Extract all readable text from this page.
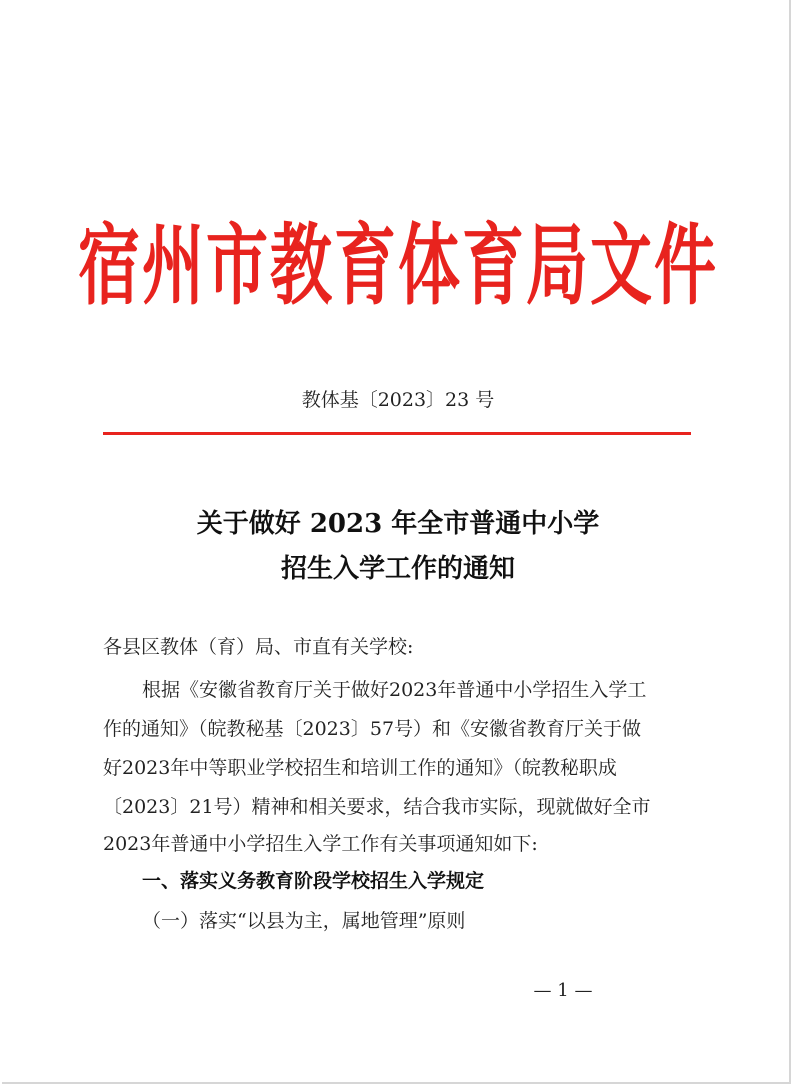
宿州市教育体育局文件
教体基〔2023〕23 号
关于做好 2023 年全市普通中小学
招生入学工作的通知
各县区教体（育）局、市直有关学校:
根据《安徽省教育厅关于做好2023年普通中小学招生入学工
作的通知》（皖教秘基〔2023〕57号）和《安徽省教育厅关于做
好2023年中等职业学校招生和培训工作的通知》（皖教秘职成
〔2023〕21号）精神和相关要求，结合我市实际，现就做好全市
2023年普通中小学招生入学工作有关事项通知如下:
一、落实义务教育阶段学校招生入学规定
（一）落实“以县为主，属地管理”原则
— 1 —
